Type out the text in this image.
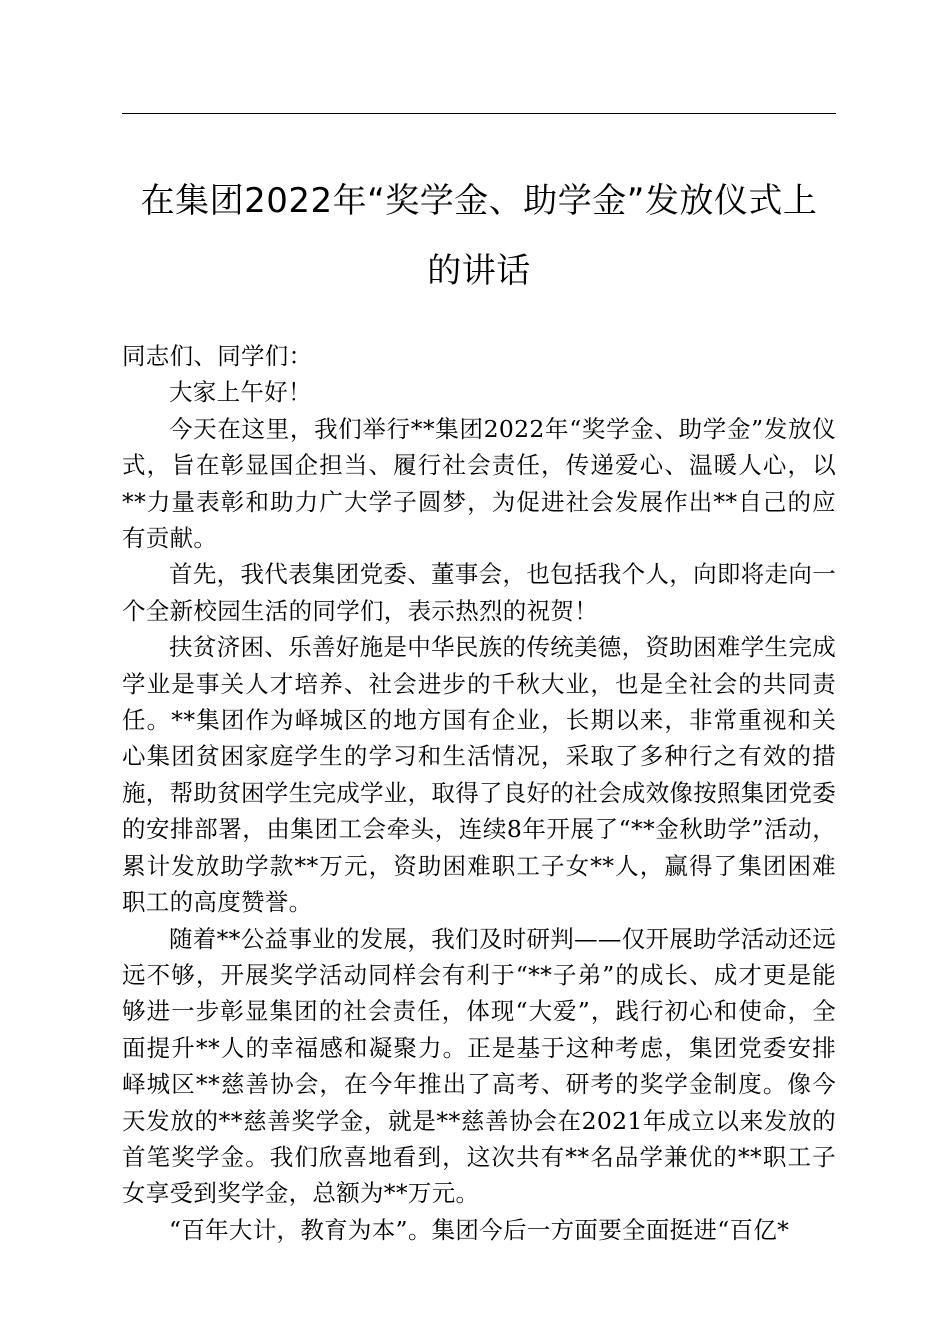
在集团2022年“奖学金、助学金”发放仪式上
的讲话

同志们、同学们：

大家上午好！

今天在这里，我们举行**集团2022年“奖学金、助学金”发放仪式，旨在彰显国企担当、履行社会责任，传递爱心、温暖人心，以**力量表彰和助力广大学子圆梦，为促进社会发展作出**自己的应有贡献。

首先，我代表集团党委、董事会，也包括我个人，向即将走向一个全新校园生活的同学们，表示热烈的祝贺！

扶贫济困、乐善好施是中华民族的传统美德，资助困难学生完成学业是事关人才培养、社会进步的千秋大业，也是全社会的共同责任。**集团作为峄城区的地方国有企业，长期以来，非常重视和关心集团贫困家庭学生的学习和生活情况，采取了多种行之有效的措施，帮助贫困学生完成学业，取得了良好的社会成效像按照集团党委的安排部署，由集团工会牵头，连续8年开展了“**金秋助学”活动，累计发放助学款**万元，资助困难职工子女**人，赢得了集团困难职工的高度赞誉。

随着**公益事业的发展，我们及时研判——仅开展助学活动还远远不够，开展奖学活动同样会有利于“**子弟”的成长、成才更是能够进一步彰显集团的社会责任，体现“大爱”，践行初心和使命，全面提升**人的幸福感和凝聚力。正是基于这种考虑，集团党委安排峄城区**慈善协会，在今年推出了高考、研考的奖学金制度。像今天发放的**慈善奖学金，就是**慈善协会在2021年成立以来发放的首笔奖学金。我们欣喜地看到，这次共有**名品学兼优的**职工子女享受到奖学金，总额为**万元。

“百年大计，教育为本”。集团今后一方面要全面挺进“百亿*
